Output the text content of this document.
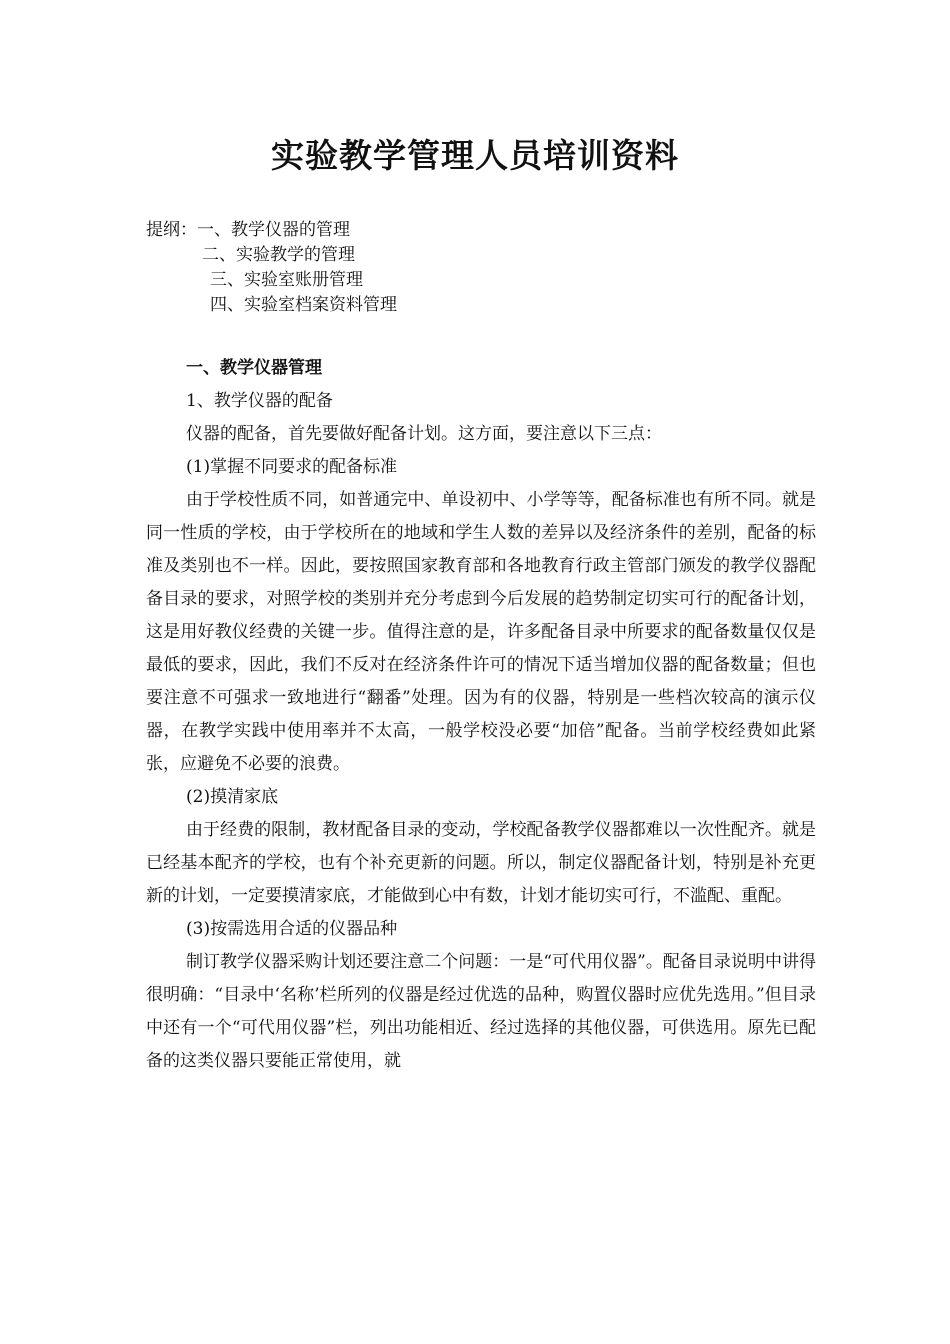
实验教学管理人员培训资料
提纲：一、教学仪器的管理
二、实验教学的管理
三、实验室账册管理
四、实验室档案资料管理

一、教学仪器管理

1、教学仪器的配备

仪器的配备，首先要做好配备计划。这方面，要注意以下三点：

(1)掌握不同要求的配备标准

由于学校性质不同，如普通完中、单设初中、小学等等，配备标准也有所不同。就是同一性质的学校，由于学校所在的地域和学生人数的差异以及经济条件的差别，配备的标准及类别也不一样。因此，要按照国家教育部和各地教育行政主管部门颁发的教学仪器配备目录的要求，对照学校的类别并充分考虑到今后发展的趋势制定切实可行的配备计划，这是用好教仪经费的关键一步。值得注意的是，许多配备目录中所要求的配备数量仅仅是最低的要求，因此，我们不反对在经济条件许可的情况下适当增加仪器的配备数量；但也要注意不可强求一致地进行“翻番”处理。因为有的仪器，特别是一些档次较高的演示仪器，在教学实践中使用率并不太高，一般学校没必要“加倍”配备。当前学校经费如此紧张，应避免不必要的浪费。

(2)摸清家底

由于经费的限制，教材配备目录的变动，学校配备教学仪器都难以一次性配齐。就是已经基本配齐的学校，也有个补充更新的问题。所以，制定仪器配备计划，特别是补充更新的计划，一定要摸清家底，才能做到心中有数，计划才能切实可行，不滥配、重配。

(3)按需选用合适的仪器品种

制订教学仪器采购计划还要注意二个问题：一是“可代用仪器”。配备目录说明中讲得很明确：“目录中‘名称’栏所列的仪器是经过优选的品种，购置仪器时应优先选用。”但目录中还有一个“可代用仪器”栏，列出功能相近、经过选择的其他仪器，可供选用。原先已配备的这类仪器只要能正常使用，就
